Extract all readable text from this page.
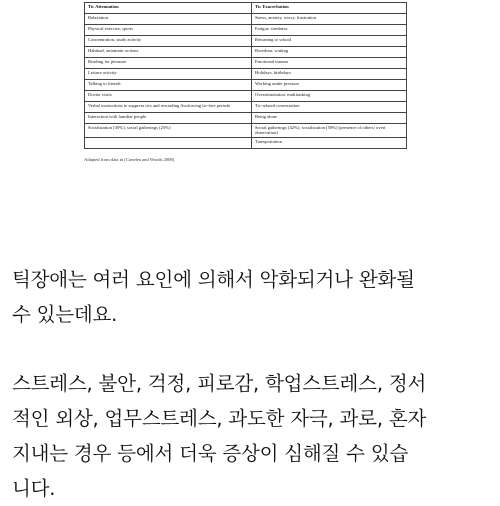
Tic Attenuation	Tic Exacerbation
Relaxation	Stress, anxiety, worry, frustration
Physical exercise, sports	Fatigue, tiredness
Concentration, study activity	Returning to school
Habitual, automatic actions	Boredom, waiting
Reading for pleasure	Emotional trauma
Leisure activity	Holidays, birthdays
Talking to friends	Working under pressure
Doctor visits	Overstimulation, multitasking
Verbal instructions to suppress tics and rewarding Avoforcing tic-free periods	Tic-related conversation
Interaction with familiar people	Being alone
Socialization (30%), social gatherings (25%)	Social gatherings (42%), socialization (50%) (presence of others/ overt observation)
	Transportation
Adapted from data in (Conelea and Woods 2008)

틱장애는 여러 요인에 의해서 악화되거나 완화될
수 있는데요.

스트레스, 불안, 걱정, 피로감, 학업스트레스, 정서
적인 외상, 업무스트레스, 과도한 자극, 과로, 혼자
지내는 경우 등에서 더욱 증상이 심해질 수 있습
니다.
